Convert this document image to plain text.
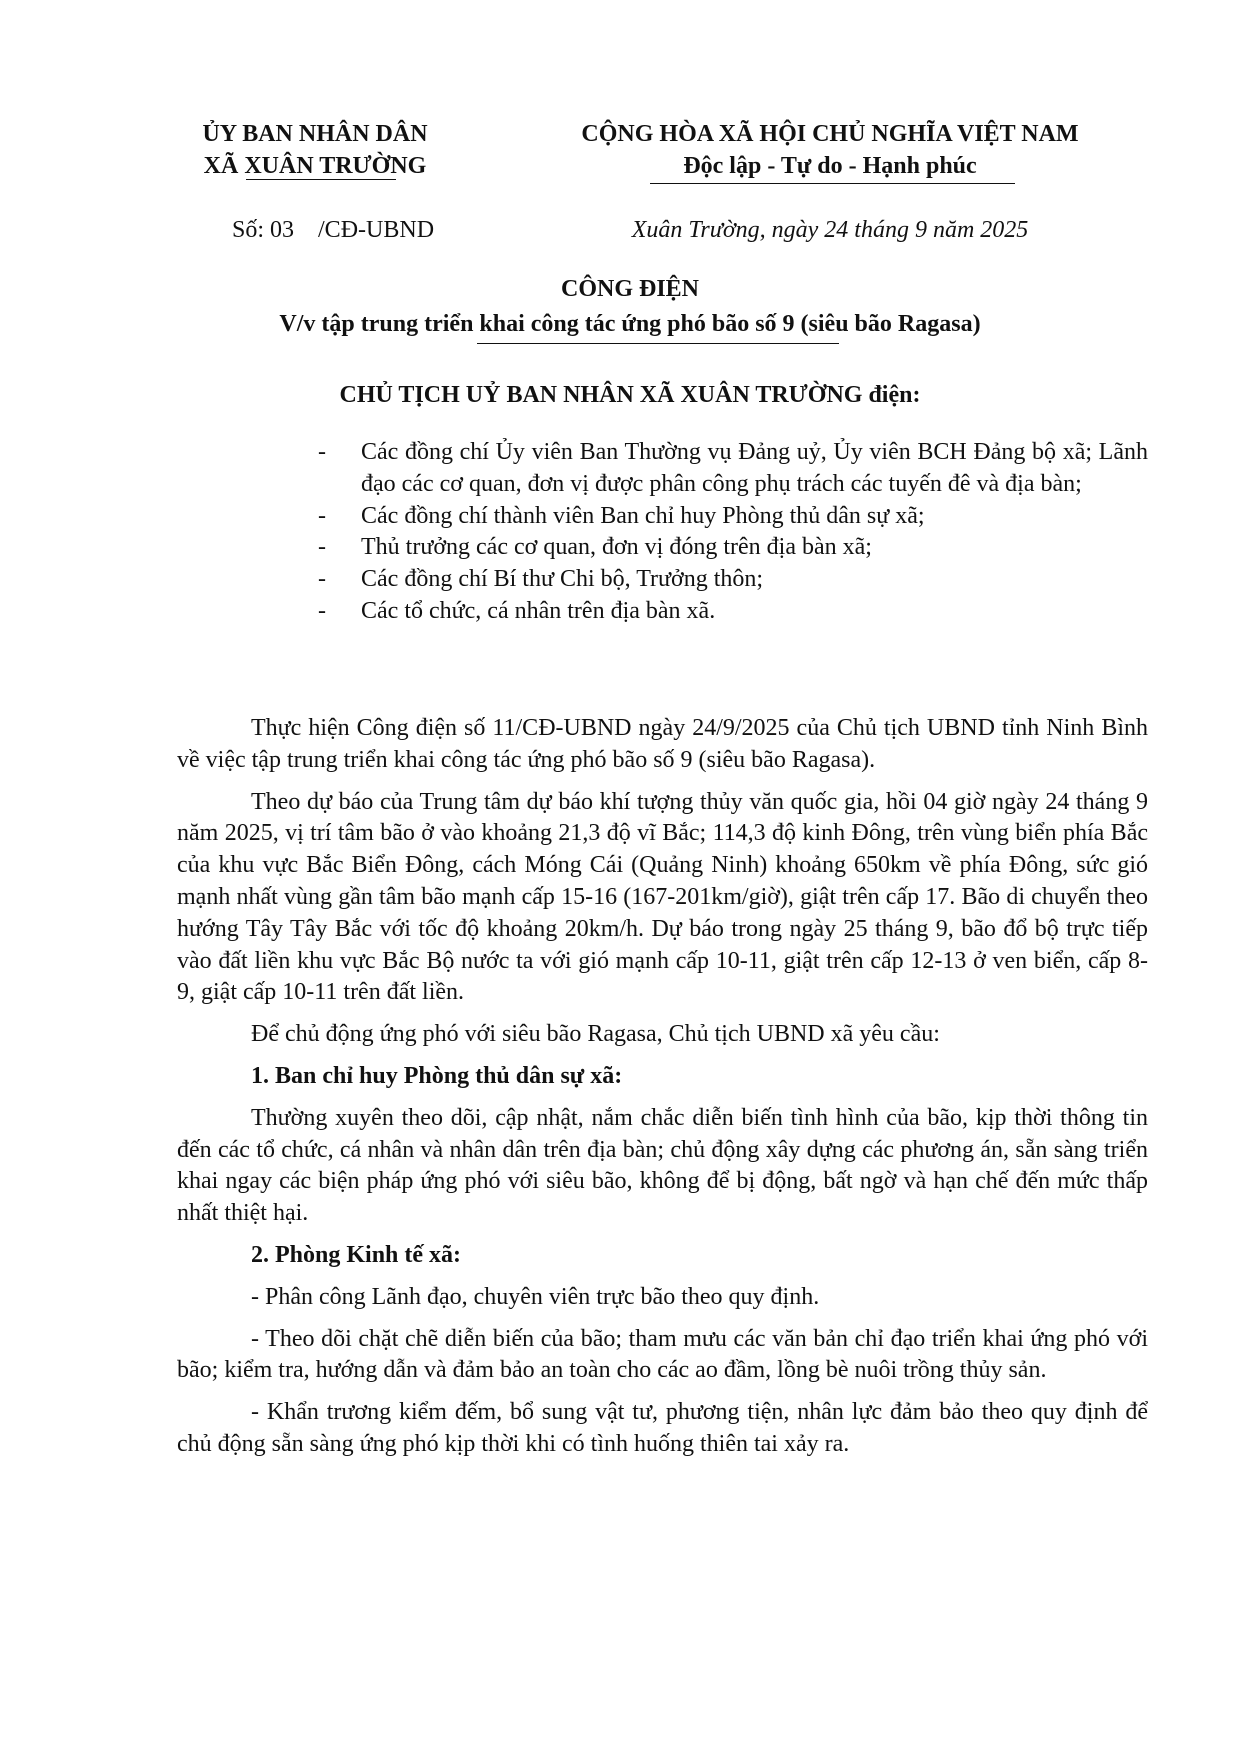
ỦY BAN NHÂN DÂN
XÃ XUÂN TRƯỜNG
CỘNG HÒA XÃ HỘI CHỦ NGHĨA VIỆT NAM
Độc lập - Tự do - Hạnh phúc
Số: 03    /CĐ-UBND	Xuân Trường, ngày 24 tháng 9 năm 2025
CÔNG ĐIỆN
V/v tập trung triển khai công tác ứng phó bão số 9 (siêu bão Ragasa)
CHỦ TỊCH UỶ BAN NHÂN XÃ XUÂN TRƯỜNG điện:
- Các đồng chí Ủy viên Ban Thường vụ Đảng uỷ, Ủy viên BCH Đảng bộ xã; Lãnh đạo các cơ quan, đơn vị được phân công phụ trách các tuyến đê và địa bàn;
- Các đồng chí thành viên Ban chỉ huy Phòng thủ dân sự xã;
- Thủ trưởng các cơ quan, đơn vị đóng trên địa bàn xã;
- Các đồng chí Bí thư Chi bộ, Trưởng thôn;
- Các tổ chức, cá nhân trên địa bàn xã.

Thực hiện Công điện số 11/CĐ-UBND ngày 24/9/2025 của Chủ tịch UBND tỉnh Ninh Bình về việc tập trung triển khai công tác ứng phó bão số 9 (siêu bão Ragasa).

Theo dự báo của Trung tâm dự báo khí tượng thủy văn quốc gia, hồi 04 giờ ngày 24 tháng 9 năm 2025, vị trí tâm bão ở vào khoảng 21,3 độ vĩ Bắc; 114,3 độ kinh Đông, trên vùng biển phía Bắc của khu vực Bắc Biển Đông, cách Móng Cái (Quảng Ninh) khoảng 650km về phía Đông, sức gió mạnh nhất vùng gần tâm bão mạnh cấp 15-16 (167-201km/giờ), giật trên cấp 17. Bão di chuyển theo hướng Tây Tây Bắc với tốc độ khoảng 20km/h. Dự báo trong ngày 25 tháng 9, bão đổ bộ trực tiếp vào đất liền khu vực Bắc Bộ nước ta với gió mạnh cấp 10-11, giật trên cấp 12-13 ở ven biển, cấp 8-9, giật cấp 10-11 trên đất liền.

Để chủ động ứng phó với siêu bão Ragasa, Chủ tịch UBND xã yêu cầu:

1. Ban chỉ huy Phòng thủ dân sự xã:

Thường xuyên theo dõi, cập nhật, nắm chắc diễn biến tình hình của bão, kịp thời thông tin đến các tổ chức, cá nhân và nhân dân trên địa bàn; chủ động xây dựng các phương án, sẵn sàng triển khai ngay các biện pháp ứng phó với siêu bão, không để bị động, bất ngờ và hạn chế đến mức thấp nhất thiệt hại.

2. Phòng Kinh tế xã:

- Phân công Lãnh đạo, chuyên viên trực bão theo quy định.

- Theo dõi chặt chẽ diễn biến của bão; tham mưu các văn bản chỉ đạo triển khai ứng phó với bão; kiểm tra, hướng dẫn và đảm bảo an toàn cho các ao đầm, lồng bè nuôi trồng thủy sản.

- Khẩn trương kiểm đếm, bổ sung vật tư, phương tiện, nhân lực đảm bảo theo quy định để chủ động sẵn sàng ứng phó kịp thời khi có tình huống thiên tai xảy ra.
